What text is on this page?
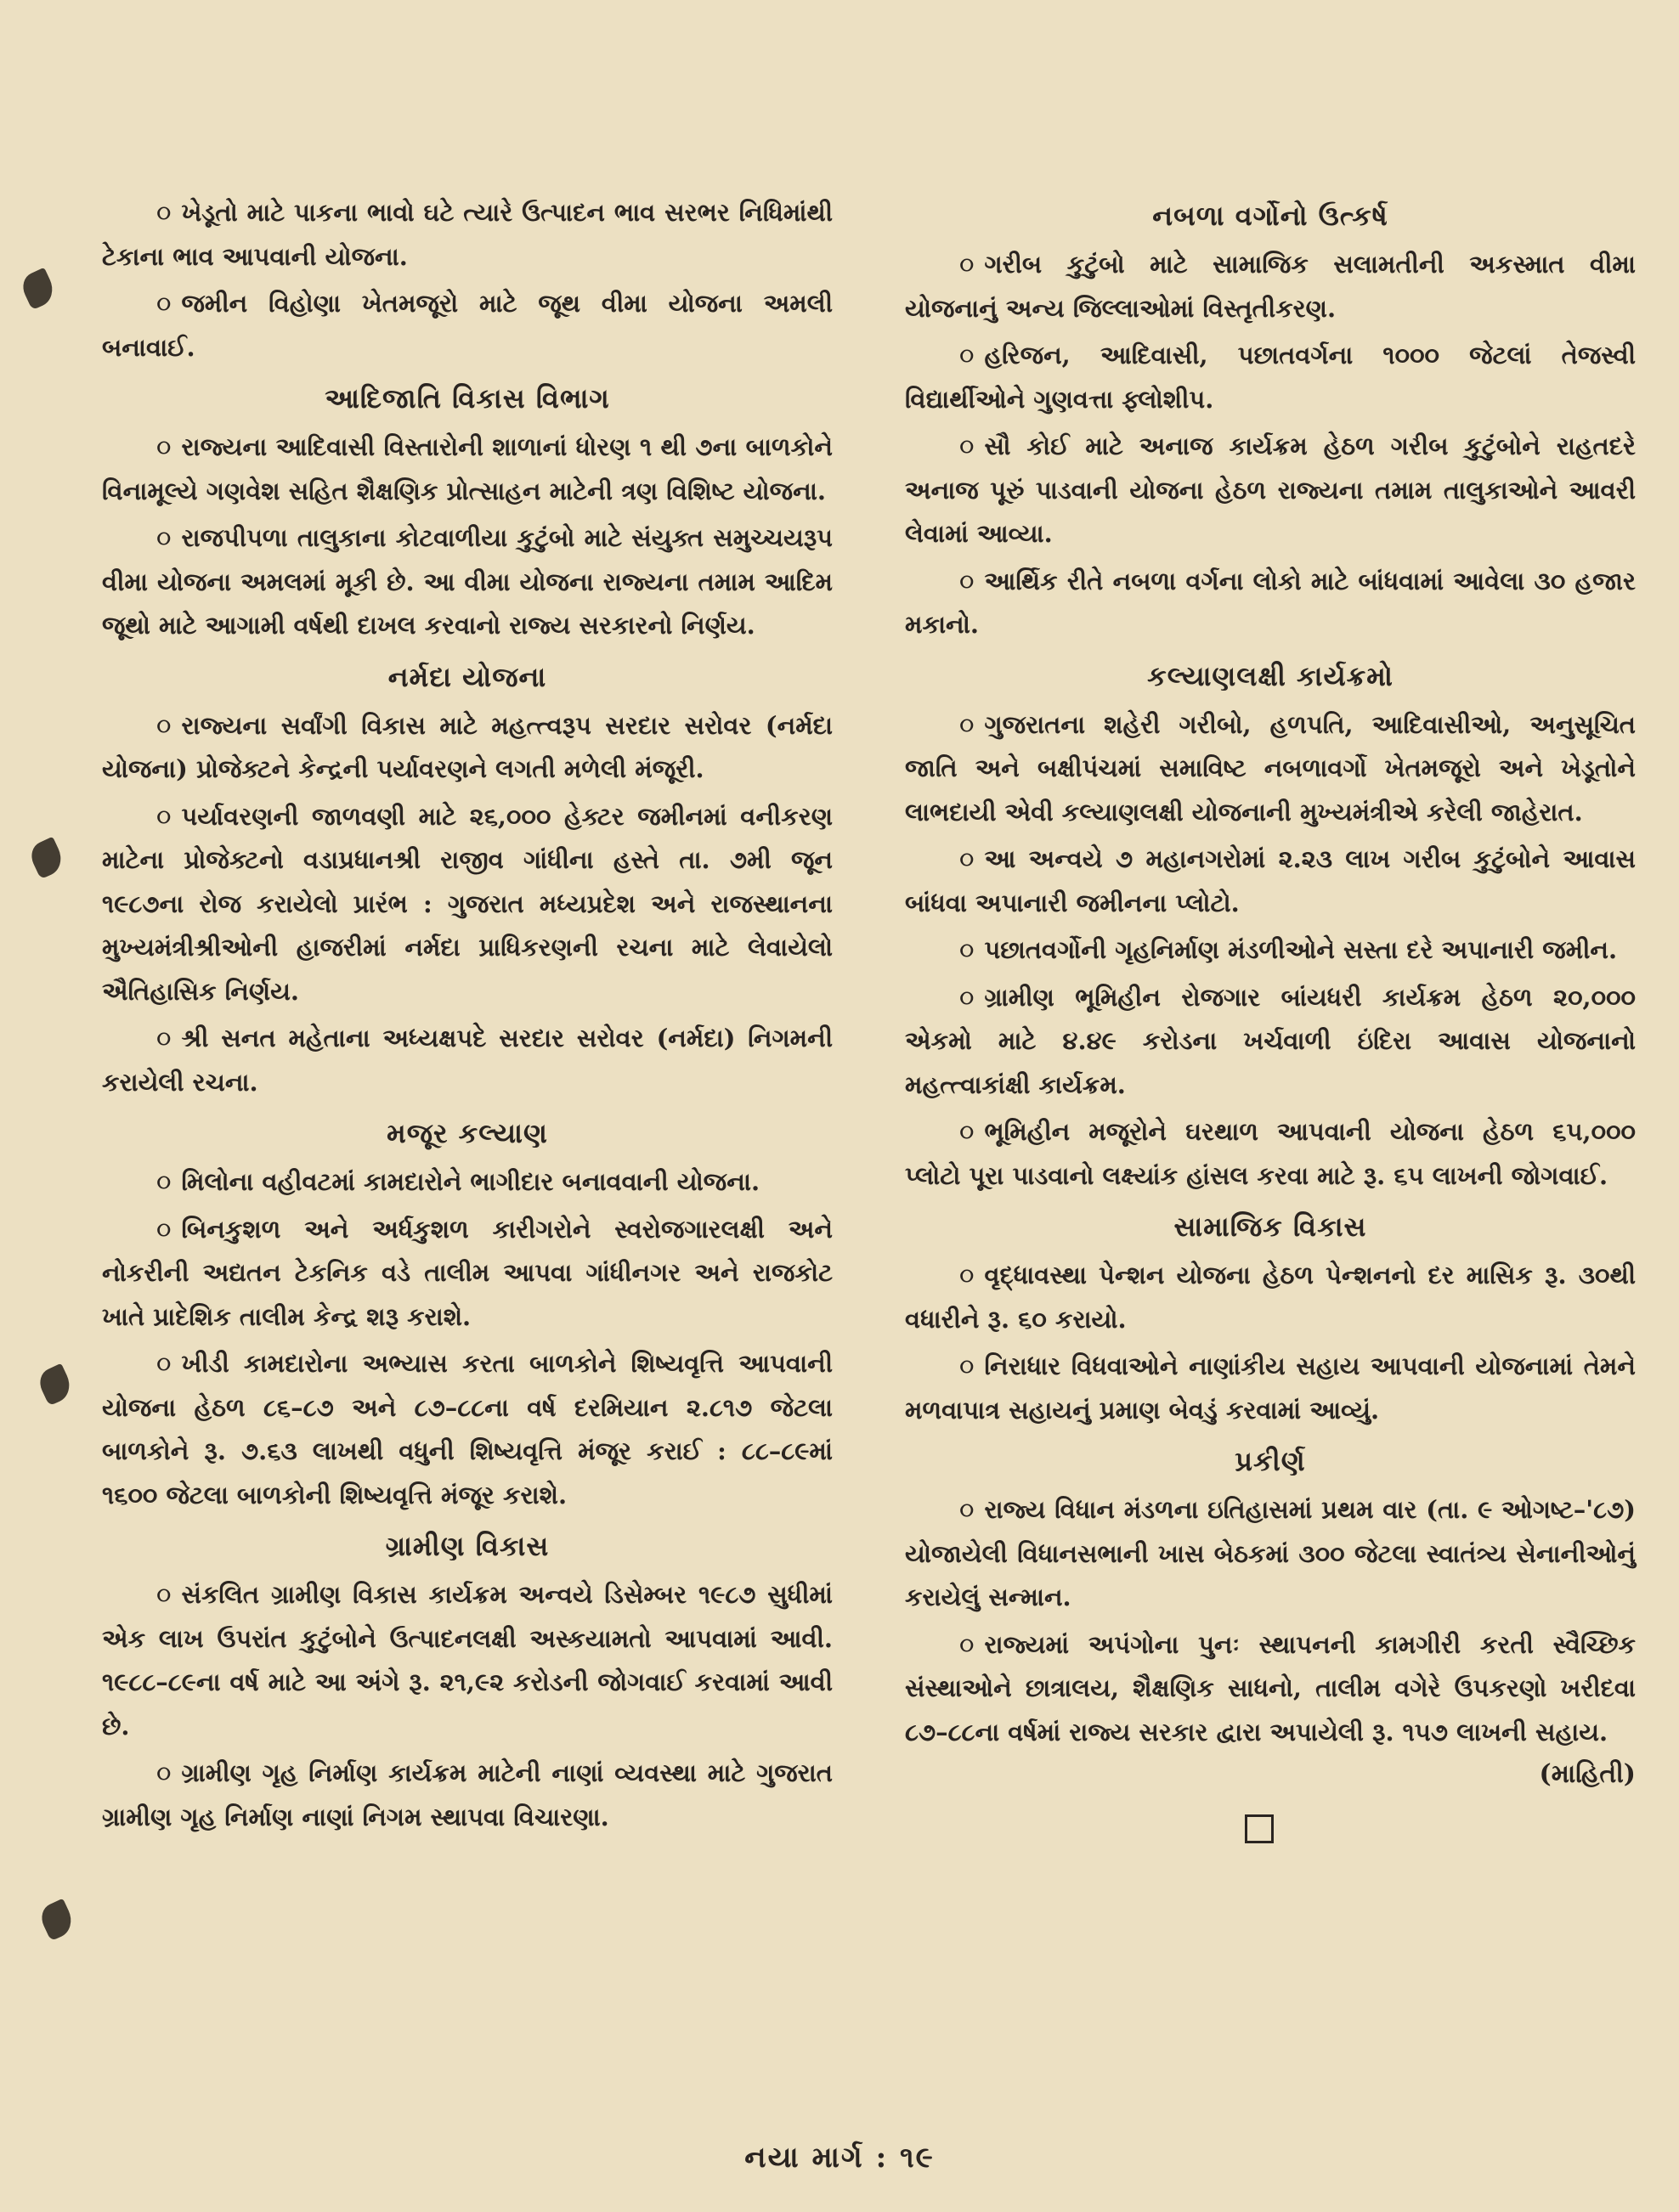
૦ ખેડૂતો માટે પાકના ભાવો ઘટે ત્યારે ઉત્પાદન ભાવ સરભર નિધિમાંથી ટેકાના ભાવ આપવાની યોજના.

૦ જમીન વિહોણા ખેતમજૂરો માટે જૂથ વીમા યોજના અમલી બનાવાઈ.

આદિજાતિ વિકાસ વિભાગ

૦ રાજ્યના આદિવાસી વિસ્તારોની શાળાનાં ધોરણ ૧ થી ૭ના બાળકોને વિનામૂલ્યે ગણવેશ સહિત શૈક્ષણિક પ્રોત્સાહન માટેની ત્રણ વિશિષ્ટ યોજના.

૦ રાજપીપળા તાલુકાના કોટવાળીયા કુટુંબો માટે સંયુક્ત સમુચ્ચયરૂપ વીમા યોજના અમલમાં મૂકી છે. આ વીમા યોજના રાજ્યના તમામ આદિમ જૂથો માટે આગામી વર્ષથી દાખલ કરવાનો રાજ્ય સરકારનો નિર્ણય.

નર્મદા યોજના

૦ રાજ્યના સર્વાંગી વિકાસ માટે મહત્ત્વરૂપ સરદાર સરોવર (નર્મદા યોજના) પ્રોજેક્ટને કેન્દ્રની પર્યાવરણને લગતી મળેલી મંજૂરી.

૦ પર્યાવરણની જાળવણી માટે ૨૬,૦૦૦ હેક્ટર જમીનમાં વનીકરણ માટેના પ્રોજેક્ટનો વડાપ્રધાનશ્રી રાજીવ ગાંધીના હસ્તે તા. ૭મી જૂન ૧૯૮૭ના રોજ કરાયેલો પ્રારંભ : ગુજરાત મધ્યપ્રદેશ અને રાજસ્થાનના મુખ્યમંત્રીશ્રીઓની હાજરીમાં નર્મદા પ્રાધિકરણની રચના માટે લેવાયેલો ઐતિહાસિક નિર્ણય.

૦ શ્રી સનત મહેતાના અધ્યક્ષપદે સરદાર સરોવર (નર્મદા) નિગમની કરાયેલી રચના.

મજૂર કલ્યાણ

૦ મિલોના વહીવટમાં કામદારોને ભાગીદાર બનાવવાની યોજના.

૦ બિનકુશળ અને અર્ધકુશળ કારીગરોને સ્વરોજગારલક્ષી અને નોકરીની અદ્યતન ટેકનિક વડે તાલીમ આપવા ગાંધીનગર અને રાજકોટ ખાતે પ્રાદેશિક તાલીમ કેન્દ્ર શરૂ કરાશે.

૦ ખીડી કામદારોના અભ્યાસ કરતા બાળકોને શિષ્યવૃત્તિ આપવાની યોજના હેઠળ ૮૬–૮૭ અને ૮૭–૮૮ના વર્ષ દરમિયાન ૨.૮૧૭ જેટલા બાળકોને રૂ. ૭.૬૩ લાખથી વધુની શિષ્યવૃત્તિ મંજૂર કરાઈ : ૮૮–૮૯માં ૧૬૦૦ જેટલા બાળકોની શિષ્યવૃત્તિ મંજૂર કરાશે.

ગ્રામીણ વિકાસ

૦ સંકલિત ગ્રામીણ વિકાસ કાર્યક્રમ અન્વયે ડિસેમ્બર ૧૯૮૭ સુધીમાં એક લાખ ઉપરાંત કુટુંબોને ઉત્પાદનલક્ષી અસ્કયામતો આપવામાં આવી. ૧૯૮૮–૮૯ના વર્ષ માટે આ અંગે રૂ. ૨૧,૯૨ કરોડની જોગવાઈ કરવામાં આવી છે.

૦ ગ્રામીણ ગૃહ નિર્માણ કાર્યક્રમ માટેની નાણાં વ્યવસ્થા માટે ગુજરાત ગ્રામીણ ગૃહ નિર્માણ નાણાં નિગમ સ્થાપવા વિચારણા.

નબળા વર્ગોનો ઉત્કર્ષ

૦ ગરીબ કુટુંબો માટે સામાજિક સલામતીની અકસ્માત વીમા યોજનાનું અન્ય જિલ્લાઓમાં વિસ્તૃતીકરણ.

૦ હરિજન, આદિવાસી, પછાતવર્ગના ૧૦૦૦ જેટલાં તેજસ્વી વિદ્યાર્થીઓને ગુણવત્તા ફ્લોશીપ.

૦ સૌ કોઈ માટે અનાજ કાર્યક્રમ હેઠળ ગરીબ કુટુંબોને રાહતદરે અનાજ પૂરું પાડવાની યોજના હેઠળ રાજ્યના તમામ તાલુકાઓને આવરી લેવામાં આવ્યા.

૦ આર્થિક રીતે નબળા વર્ગના લોકો માટે બાંધવામાં આવેલા ૩૦ હજાર મકાનો.

કલ્યાણલક્ષી કાર્યક્રમો

૦ ગુજરાતના શહેરી ગરીબો, હળપતિ, આદિવાસીઓ, અનુસૂચિત જાતિ અને બક્ષીપંચમાં સમાવિષ્ટ નબળાવર્ગો ખેતમજૂરો અને ખેડૂતોને લાભદાયી એવી કલ્યાણલક્ષી યોજનાની મુખ્યમંત્રીએ કરેલી જાહેરાત.

૦ આ અન્વયે ૭ મહાનગરોમાં ૨.૨૩ લાખ ગરીબ કુટુંબોને આવાસ બાંધવા અપાનારી જમીનના પ્લોટો.

૦ પછાતવર્ગોની ગૃહનિર્માણ મંડળીઓને સસ્તા દરે અપાનારી જમીન.

૦ ગ્રામીણ ભૂમિહીન રોજગાર બાંયધરી કાર્યક્રમ હેઠળ ૨૦,૦૦૦ એકમો માટે ૪.૪૯ કરોડના ખર્ચવાળી ઇંદિરા આવાસ યોજનાનો મહત્ત્વાકાંક્ષી કાર્યક્રમ.

૦ ભૂમિહીન મજૂરોને ઘરથાળ આપવાની યોજના હેઠળ ૬૫,૦૦૦ પ્લોટો પૂરા પાડવાનો લક્ષ્યાંક હાંસલ કરવા માટે રૂ. ૬૫ લાખની જોગવાઈ.

સામાજિક વિકાસ

૦ વૃદ્ધાવસ્થા પેન્શન યોજના હેઠળ પેન્શનનો દર માસિક રૂ. ૩૦થી વધારીને રૂ. ૬૦ કરાયો.

૦ નિરાધાર વિધવાઓને નાણાંકીય સહાય આપવાની યોજનામાં તેમને મળવાપાત્ર સહાયનું પ્રમાણ બેવડું કરવામાં આવ્યું.

પ્રકીર્ણ

૦ રાજ્ય વિધાન મંડળના ઇતિહાસમાં પ્રથમ વાર (તા. ૯ ઓગષ્ટ–'૮૭) યોજાયેલી વિધાનસભાની ખાસ બેઠકમાં ૩૦૦ જેટલા સ્વાતંત્ર્ય સેનાનીઓનું કરાયેલું સન્માન.

૦ રાજ્યમાં અપંગોના પુનઃ સ્થાપનની કામગીરી કરતી સ્વૈચ્છિક સંસ્થાઓને છાત્રાલય, શૈક્ષણિક સાધનો, તાલીમ વગેરે ઉપકરણો ખરીદવા ૮૭–૮૮ના વર્ષમાં રાજ્ય સરકાર દ્વારા અપાયેલી રૂ. ૧૫૭ લાખની સહાય.

(માહિતી)
નયા માર્ગ : ૧૯
